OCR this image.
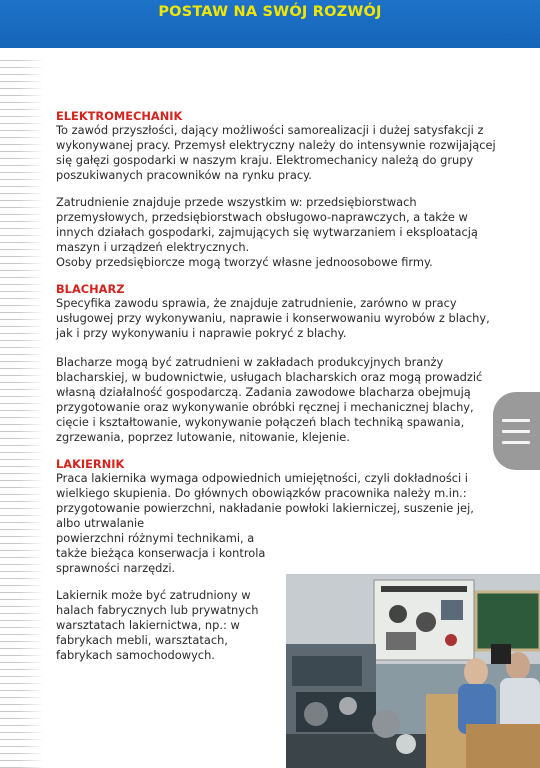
POSTAW NA SWÓJ ROZWÓJ
ELEKTROMECHANIK

To zawód przyszłości, dający możliwości samorealizacji i dużej satysfakcji z wykonywanej pracy. Przemysł elektryczny należy do intensywnie rozwijającej się gałęzi gospodarki w naszym kraju. Elektromechanicy należą do grupy poszukiwanych pracowników na rynku pracy.

Zatrudnienie znajduje przede wszystkim w: przedsiębiorstwach przemysłowych, przedsiębiorstwach obsługowo-naprawczych, a także w innych działach gospodarki, zajmujących się wytwarzaniem i eksploatacją maszyn i urządzeń elektrycznych.

Osoby przedsiębiorcze mogą tworzyć własne jednoosobowe firmy.

BLACHARZ

Specyfika zawodu sprawia, że znajduje zatrudnienie, zarówno w pracy usługowej przy wykonywaniu, naprawie i konserwowaniu wyrobów z blachy, jak i przy wykonywaniu i naprawie pokryć z blachy.

Blacharze mogą być zatrudnieni w zakładach produkcyjnych branży blacharskiej, w budownictwie, usługach blacharskich oraz mogą prowadzić własną działalność gospodarczą. Zadania zawodowe blacharza obejmują przygotowanie oraz wykonywanie obróbki ręcznej i mechanicznej blachy, cięcie i kształtowanie, wykonywanie połączeń blach techniką spawania, zgrzewania, poprzez lutowanie, nitowanie, klejenie.

LAKIERNIK

Praca lakiernika wymaga odpowiednich umiejętności, czyli dokładności i wielkiego skupienia. Do głównych obowiązków pracownika należy m.in.: przygotowanie powierzchni, nakładanie powłoki lakierniczej, suszenie jej, albo utrwalanie

powierzchni różnymi technikami, a także bieżąca konserwacja i kontrola sprawności narzędzi.

Lakiernik może być zatrudniony w halach fabrycznych lub prywatnych warsztatach lakiernictwa, np.: w fabrykach mebli, warsztatach, fabrykach samochodowych.
